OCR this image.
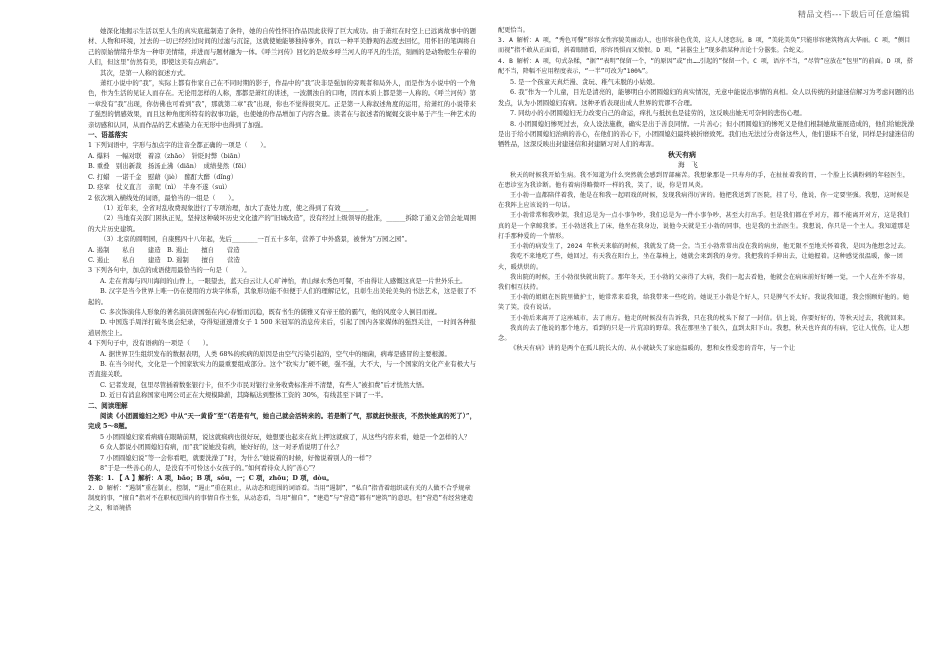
精品文档---下载后可任意编辑

她深化地揭示生活以至人生的真实底蕴制造了条件，她的自传性怀旧作品因此获得了巨大成功。由于萧红在时空上已远离故事中的题材、人物和环境，过去的一切已经经过时间的过滤与沉淀，这就使她能够独持事外，而以一种平美静观的态度去回忆，用怀旧的笔调将自己的原始情绪升华为一种审美情绪，并进而与题材融为一体。《呼兰河传》回忆的是故乡呼兰河人的平凡的生活，刻画的是动物般生存着的人们，但这里“仿然有美，即使这美有点病态”。

其次，是第一人称的叙述方式。

萧红小说中的“我”，实际上都有作家自己在不同时期的影子，作品中的“我”决非是强加的旁观者和局外人，而是作为小说中的一个角色，作为生活的见证人而存在。无论用怎样的人称，那都是萧红的讲述，一波潮浊自的口吻，因而本质上都是第一人称的。《呼兰河传》第一章没有“我”出现，你仿佛也可看到“我”，那就第二章“我”出现，你也不觉得很突兀。正是第一人称叙述角度的运用，给萧红的小说带来了强烈的情感效果，而且这种角度所特有的叙事功能，也使她的作品增加了内容含量。读者在与叙述者的娓娓交谈中易于产生一种艺术的亲切感和认同，从而作品的艺术感染力在无形中也得到了加强。

一、语基落实

1 下列词语中，字形与加点字的注音全都正确的一项是（　　）。

A. 爆料　一幅对联　着凉（zhāo）　针眨时弊（biān）

B. 重叠　别出新裁　扬汤止沸（diān）　成绩斐然（fēi）

C. 打蜡　一诺千金　慰藉（jiè）　酩酊大醉（dǐng）

D. 痉挛　仗义直言　亲昵（nì）　半身不遂（suì）

2 依次填入横线处的词语，最恰当的一组是（　　）。

（1）近年来，全省对乱收费现象进行了专项治理，加大了查处力度，使之得到了有效________。

（2）当地有关部门困执正见，坚持这种破坏历史文化遗产的“旧城改造”，没有经过上级领导的批准，______拆除了通义会馆会址周围的大片历史建筑。

（3）北京的圆明园，自康熙四十八年起，先后________一百五十多年，营养了中外盛景，被誉为“万园之园”。

A. 遏制　　私自　　建造　B. 遏止　　擅自　　营造

C. 遏止　　私自　　建造　D. 遏制　　擅自　　营造

3 下列各句中，加点的成语使用最恰当的一句是（　　）。

A. 走在青海与四川海间的山脊上，一眼望去，蓝天白云让人心旷神怡，青山绿水秀色可餐，不由得让人感慨这真是一片世外乐土。

B. 汉字是当今世界上唯一仍在使用的方块字体系，其象形功能不但便于人们的理解记忆，且彰生出美轮美奂的书法艺术，这是很了不起的。

C. 多次饰演伟人形象的著名演员唐国强在内心春暂而沉稳，既有书生的儒雅又有帝王般的霸气，他的风度令人倒目而视。

D. 中国选手周洋打破冬奥会纪录，夺得短道速滑女子 1 500 米冠军的消息传来后，引起了国内各家媒体的强烈关注，一时间各种报道居然尘上。

4 下列句子中，没有语病的一项是（　　）。

A. 据世界卫生组织发布的数据表明，人类 68%的疾病的原因是由空气污染引起的，空气中的细菌，病毒是感冒的主要根源。

B. 在当今时代，文化是一个国家软实力的最重要组成部分。这个“软实力”硬不硬，强不强，大不大，与一个国家的文化产业有极大与否直接关联。

C. 记者发现，包里尽管插着数张银行卡，但不少市民对银行业务收费标准并不清楚，有些人“被扣费”后才恍然大悟。

D. 近日有消息称国家电网公司正在大规模降薪，其降幅达到整体工资的 30%，有线甚至下调了一半。

二、阅读理解

阅读《小团圆媳妇之死》中从“天一黄昏”至“（若是有气，她自己就会活转来的。若是断了气，那就赶快报丧，不然快她真的死了）”，完成 5～8题。

5 小团圆媳妇家看病痛在眼睛前期，说这就疯病也很好玩，她想要也起来在炕上押这就疯了，从这些内容来看，她是一个怎样的人？

6 众人都说小团圆媳妇有病，而“我”说她没有病，她好好的，这一对矛盾说明了什么？

7 小团圆媳妇说“等一会你看吧，就要洗澡了”时，为什么“她说着的时候，好像说着别人的一样”？

8“于是一些善心的人，是没有不可怜这小女孩子的。”如何看待众人的“善心”？

答案：1. 【 A 】解析：A 项，bǎo；B 项，sǒu，一；C 项，zhōu；D 项，dòu。

2. D 解析：“遏制”重在制止，控制，“遏止”重在阻止，从动态和范围的词语看。当用“遏制”，“私自”指背着组织或有关的人做不合乎规章制度的事，“擅自”指对不在职权范围内的事情自作主张，从动态看，当用“擅自”，“建造”与“营造”都有“建筑”的意思，但“营造”有经营建造之义，和语境搭

配更恰当。

3. A 解析：A 项，“秀色可餐”形容女性容貌美丽动人，也形容景色优美，这人人迷恋玩。B 项，“美轮美奂”只能形容建筑物高大华丽。C 项，“侧目而视”指不敢从正面看，斜着眼睛看，形容畏惧而又愤恨。D 项，“甚嚣尘上”现多指某种言论十分嚣张。合蛇义。

4. B 解析：A 项，句式杂糅，“据”“表明”保留一个，“的原因”或“由……引起的”保留一个。C 项，语序不当，“尽管”应放在“包里”的前面。D 项，搭配不当，降幅不应用程度表示，“一半”可改为“100%”。

5. 是一个孩童天真烂漫、贪玩、稚气未脱的小姑娘。

6. 我“作为一个儿童，目光是清亮的，能够明白小团圆媳妇的真实情况，无意中能说出事情的真相。众人以传统的封建迷信解习为考虑问题的出发点，认为小团圆媳妇有病。这种矛盾表现出成人世界的荒谬不合理。

7. 同幼小的小团圆媳妇无力改变自己的命运，痒扎与抵抗也是徒劳的，这反映出她无可奈何的悲伤心理。

8. 小团圆媳妇惨死过去，众人设法施救，确实是出于善良同情。一片善心；但小团圆媳妇的惨死又是他们根制她故施展造成的，他们给她洗澡是出于给小团圆媳妇治病的善心，在他们的善心下，小团圆媳妇最终被折磨致死。我们也无法过分责备这些人，他们愚昧不自觉，同样是封建迷信的牺牲品，这深反映出封建迷信和封建陋习对人们的毒害。

秋天有病

海　飞

秋天的时候我开始生病。我不知道为什么突然就会感到胃部痛苦。我想象那是一只寿舟的手，在扯扯着我的胃，一个脸上长满粉刺的年轻医生，在患诊室为我诊断。他有着病得略微吓一样的我，笑了，说，你是胃风炎。

王小勃一直都陪伴着我，他是在和我一起唱戏的时候，发现我病得厉害的。他把我送到了医院，挂了号，他说，你一定要坚强。我想，这时候是在我阵上应该说的一句话。

王小勃常常和我吵架，我们总是为一点小事争吵，我们总是为一件小事争吵，甚至大打出手。但是我们都在乎对方，都不能离开对方，这是我们真的是一个拿鲸我爹。王小勃送我上了床，他坐在我身边，说他今天就是王小勃的同事，也是我的主治医生。我想说，你只是一个主人。我知道那是打手那种爱的一个情形。

王小勃的病发生了，2024 年秋天来临的时候，我就发了烧一会。当王小勃常常出没在我的病房，他无限不至地关怀着我，是因为他想念过去。

我吃不来地吃了些，她回过，有天我在阳台上，坐在靠椅上，她就会来到我的身旁。我把我的手伸出去，让她握着。这种感觉很温暖，像一团火，暖烘烘的。

我出院的时候，王小勃很快就出院了。那年冬天，王小勃的父亲得了大病，我们一起去看他，他就会在病床前好好睡一觉，一个人在外不容易，我们相互扶持。

王小勃的姐姐在医院里做护士，她常常来看我，给我带来一些吃的。她说王小勃是个好人，只是脾气不太好。我说我知道，我会照顾好他的。她笑了笑，没有说话。

王小勃后来离开了这座城市，去了南方。他走的时候没有告诉我，只在我的枕头下留了一封信。信上说，你要好好的，等秋天过去，我就回来。

我真的去了他说的那个地方，看到的只是一片荒凉的野草。我在那里坐了很久，直到太阳下山。我想，秋天也许真的有病，它让人忧伤，让人想念。

《秋天有病》讲的是两个在孤儿院长大的、从小就缺失了家庭温暖的，想和女性爱恋的青年，与一个让
